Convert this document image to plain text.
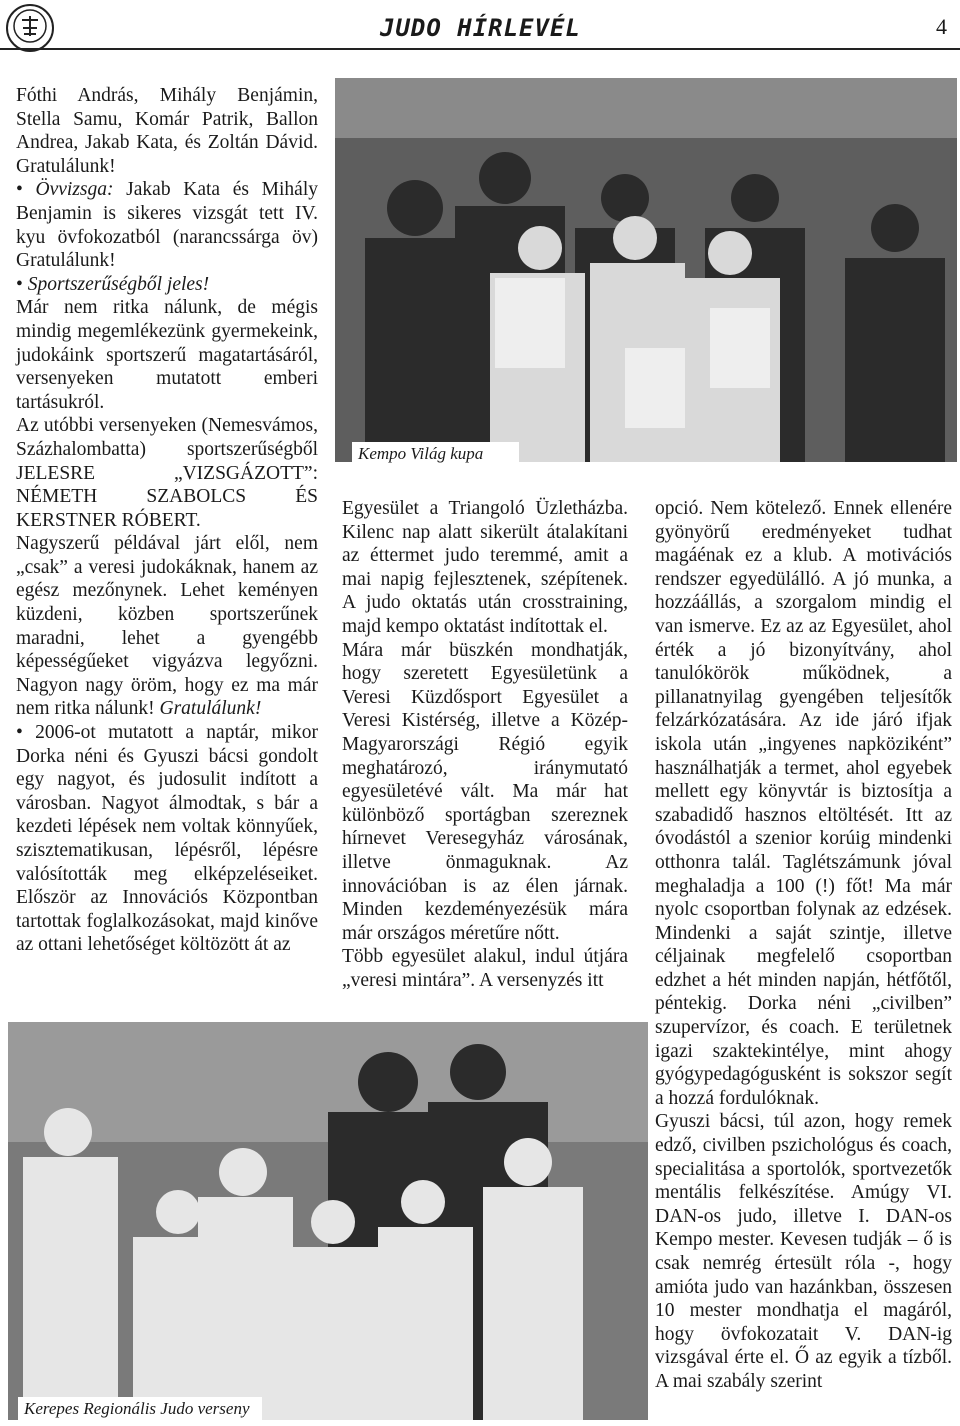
JUDO HÍRLEVÉL	4

Fóthi András, Mihály Benjámin, Stella Samu, Komár Patrik, Ballon Andrea, Jakab Kata, és Zoltán Dávid. Gratulálunk!

• Övvizsga: Jakab Kata és Mihály Benjamin is sikeres vizsgát tett IV. kyu övfokozatból (narancssárga öv) Gratulálunk!

• Sportszerűségből jeles!

Már nem ritka nálunk, de mégis mindig megemlékezünk gyermekeink, judokáink sportszerű magatartásáról, versenyeken mutatott emberi tartásukról.

Az utóbbi versenyeken (Nemesvámos, Százhalombatta) sportszerűségből JELESRE „VIZSGÁZOTT”: NÉMETH SZABOLCS ÉS KERSTNER RÓBERT.

Nagyszerű példával járt elől, nem „csak” a veresi judokáknak, hanem az egész mezőnynek. Lehet keményen küzdeni, közben sportszerűnek maradni, lehet a gyengébb képességűeket vigyázva legyőzni. Nagyon nagy öröm, hogy ez ma már nem ritka nálunk! Gratulálunk!

• 2006-ot mutatott a naptár, mikor Dorka néni és Gyuszi bácsi gondolt egy nagyot, és judosulit indított a városban. Nagyot álmodtak, s bár a kezdeti lépések nem voltak könnyűek, szisztematikusan, lépésről, lépésre valósították meg elképzeléseiket. Először az Innovációs Központban tartottak foglalkozásokat, majd kinőve az ottani lehetőséget költözött át az

Kempo Világ kupa

Egyesület a Triangoló Üzletházba. Kilenc nap alatt sikerült átalakítani az éttermet judo teremmé, amit a mai napig fejlesztenek, szépítenek. A judo oktatás után crosstraining, majd kempo oktatást indítottak el.

Mára már büszkén mondhatják, hogy szeretett Egyesületünk a Veresi Küzdősport Egyesület a Veresi Kistérség, illetve a Közép-Magyarországi Régió egyik meghatározó, iránymutató egyesületévé vált. Ma már hat különböző sportágban szereznek hírnevet Veresegyház városának, illetve önmaguknak. Az innovációban is az élen járnak. Minden kezdeményezésük mára már országos méretűre nőtt.

Több egyesület alakul, indul útjára „veresi mintára”. A versenyzés itt

opció. Nem kötelező. Ennek ellenére gyönyörű eredményeket tudhat magáénak ez a klub. A motivációs rendszer egyedülálló. A jó munka, a hozzáállás, a szorgalom mindig el van ismerve. Ez az az Egyesület, ahol érték a jó bizonyítvány, ahol tanulókörök működnek, a pillanatnyilag gyengében teljesítők felzárkózatására. Az ide járó ifjak iskola után „ingyenes napköziként” használhatják a termet, ahol egyebek mellett egy könyvtár is biztosítja a szabadidő hasznos eltöltését. Itt az óvodástól a szenior korúig mindenki otthonra talál. Taglétszámunk jóval meghaladja a 100 (!) főt! Ma már nyolc csoportban folynak az edzések. Mindenki a saját szintje, illetve céljainak megfelelő csoportban edzhet a hét minden napján, hétfőtől, péntekig. Dorka néni „civilben” szupervízor, és coach. E területnek igazi szaktekintélye, mint ahogy gyógypedagógusként is sokszor segít a hozzá fordulóknak.

Gyuszi bácsi, túl azon, hogy remek edző, civilben pszichológus és coach, specialitása a sportolók, sportvezetők mentális felkészítése. Amúgy VI. DAN-os judo, illetve I. DAN-os Kempo mester. Kevesen tudják – ő is csak nemrég értesült róla -, hogy amióta judo van hazánkban, összesen 10 mester mondhatja el magáról, hogy övfokozatait V. DAN-ig vizsgával érte el. Ő az egyik a tízből. A mai szabály szerint

Kerepes Regionális Judo verseny
